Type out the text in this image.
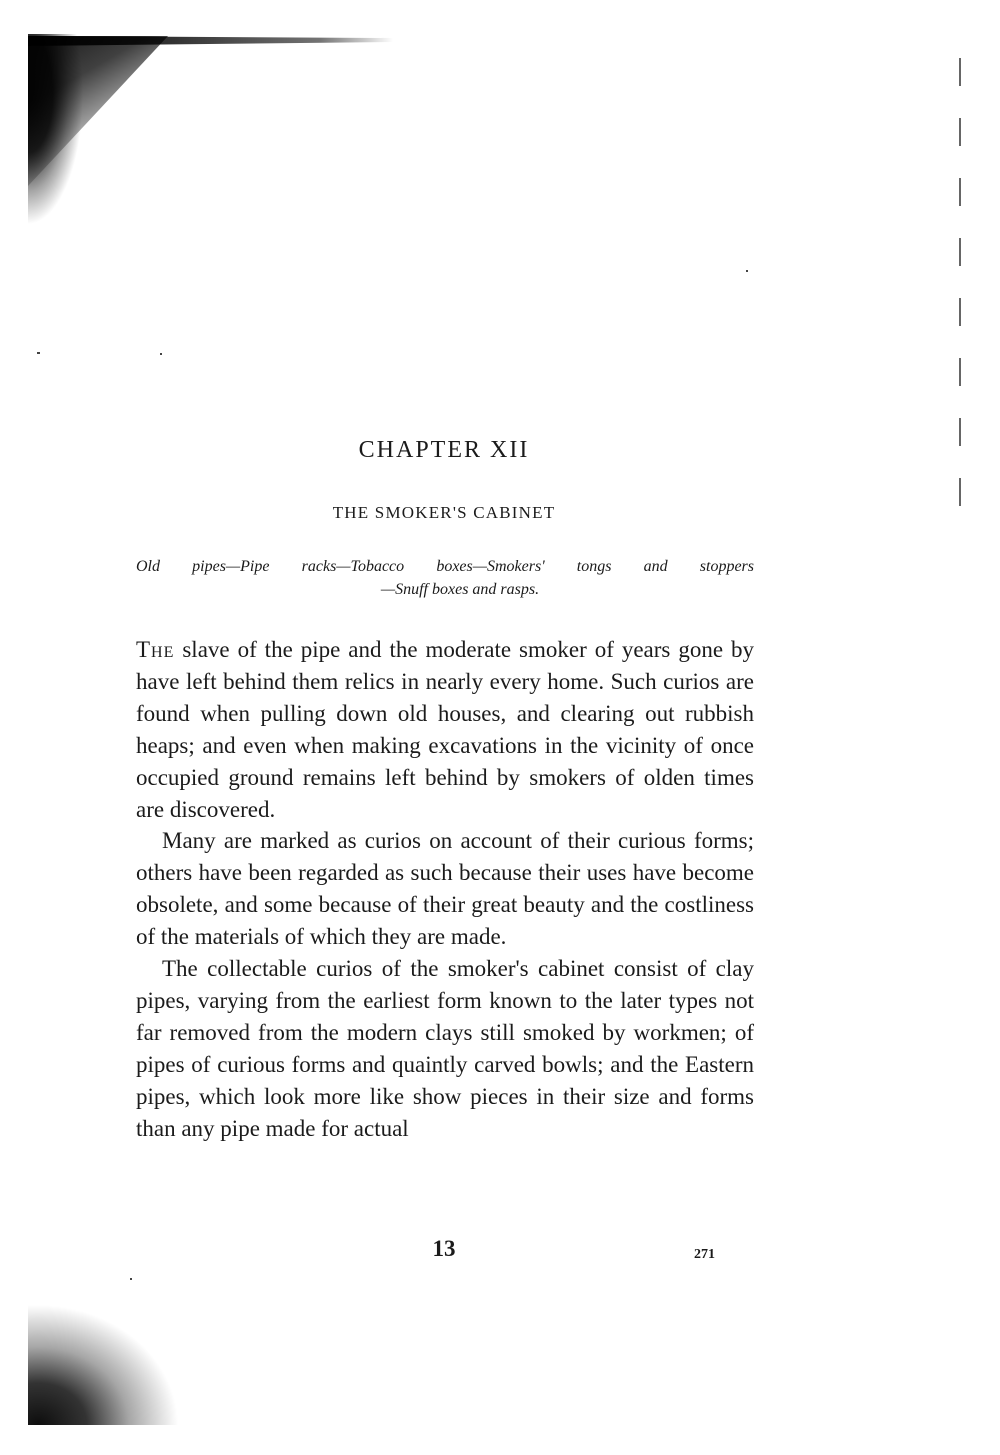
CHAPTER XII
THE SMOKER'S CABINET

Old pipes—Pipe racks—Tobacco boxes—Smokers' tongs and stoppers
—Snuff boxes and rasps.

The slave of the pipe and the moderate smoker of years gone by have left behind them relics in nearly every home. Such curios are found when pulling down old houses, and clearing out rubbish heaps; and even when making excavations in the vicinity of once occupied ground remains left behind by smokers of olden times are discovered.

Many are marked as curios on account of their curious forms; others have been regarded as such because their uses have become obsolete, and some because of their great beauty and the costliness of the materials of which they are made.

The collectable curios of the smoker's cabinet consist of clay pipes, varying from the earliest form known to the later types not far removed from the modern clays still smoked by workmen; of pipes of curious forms and quaintly carved bowls; and the Eastern pipes, which look more like show pieces in their size and forms than any pipe made for actual

13	271
